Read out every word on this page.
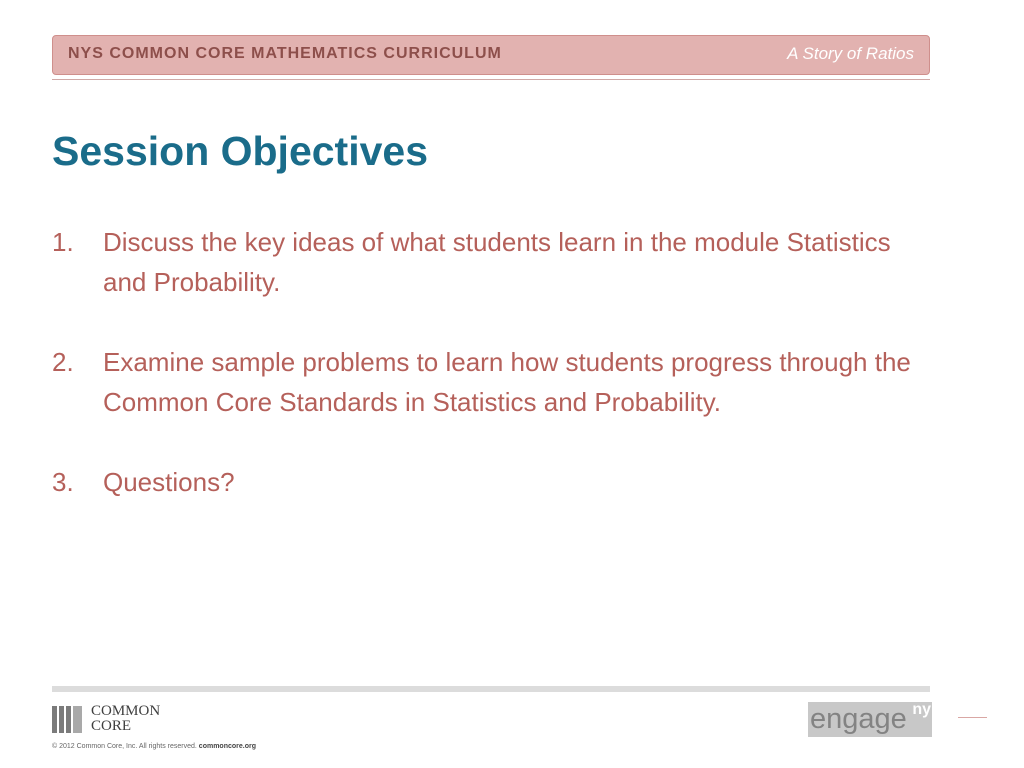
NYS COMMON CORE MATHEMATICS CURRICULUM	A Story of Ratios
Session Objectives
1. Discuss the key ideas of what students learn in the module Statistics and Probability.
2. Examine sample problems to learn how students progress through the Common Core Standards in Statistics and Probability.
3. Questions?
COMMON
CORE
© 2012 Common Core, Inc. All rights reserved. commoncore.org
engage ny
